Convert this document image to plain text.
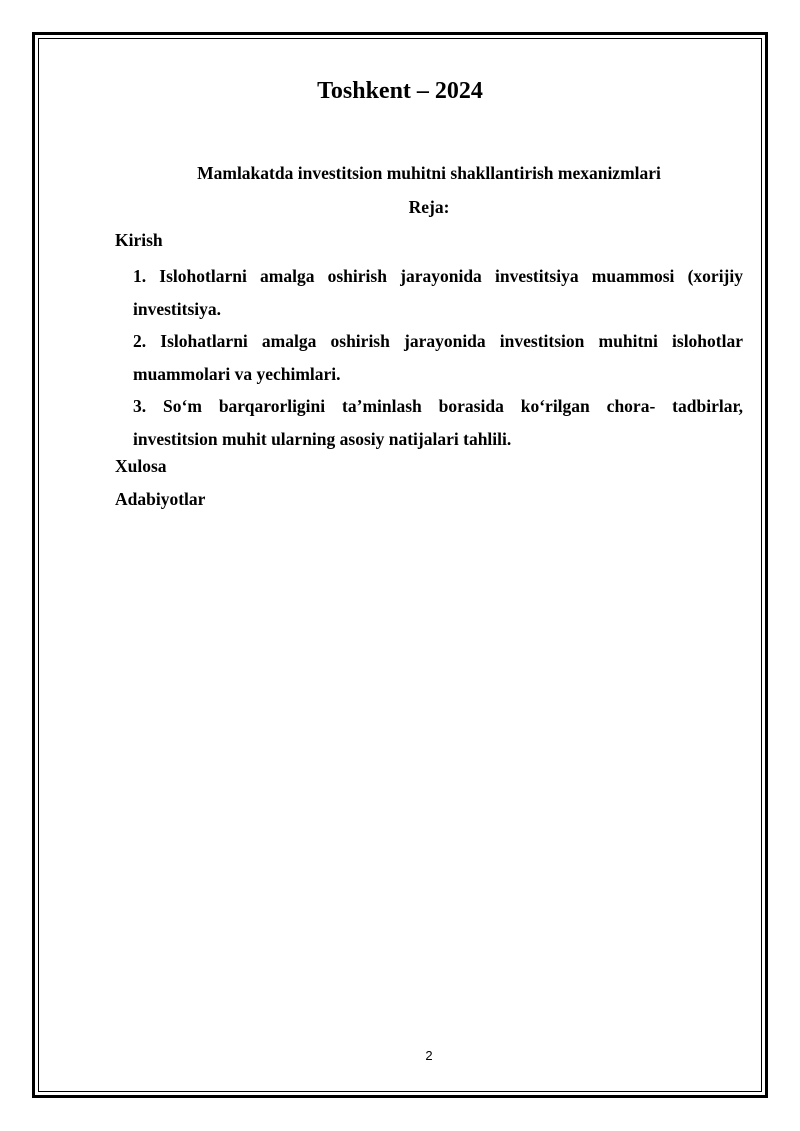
Toshkent – 2024
Mamlakatda investitsion muhitni shakllantirish mexanizmlari
Reja:
Kirish
1. Islohotlarni amalga oshirish jarayonida investitsiya muammosi (xorijiy investitsiya.
2. Islohatlarni amalga oshirish jarayonida investitsion muhitni islohotlar muammolari va yechimlari.
3. So‘m barqarorligini ta’minlash borasida ko‘rilgan chora- tadbirlar, investitsion muhit ularning asosiy natijalari tahlili.
Xulosa
Adabiyotlar
2
